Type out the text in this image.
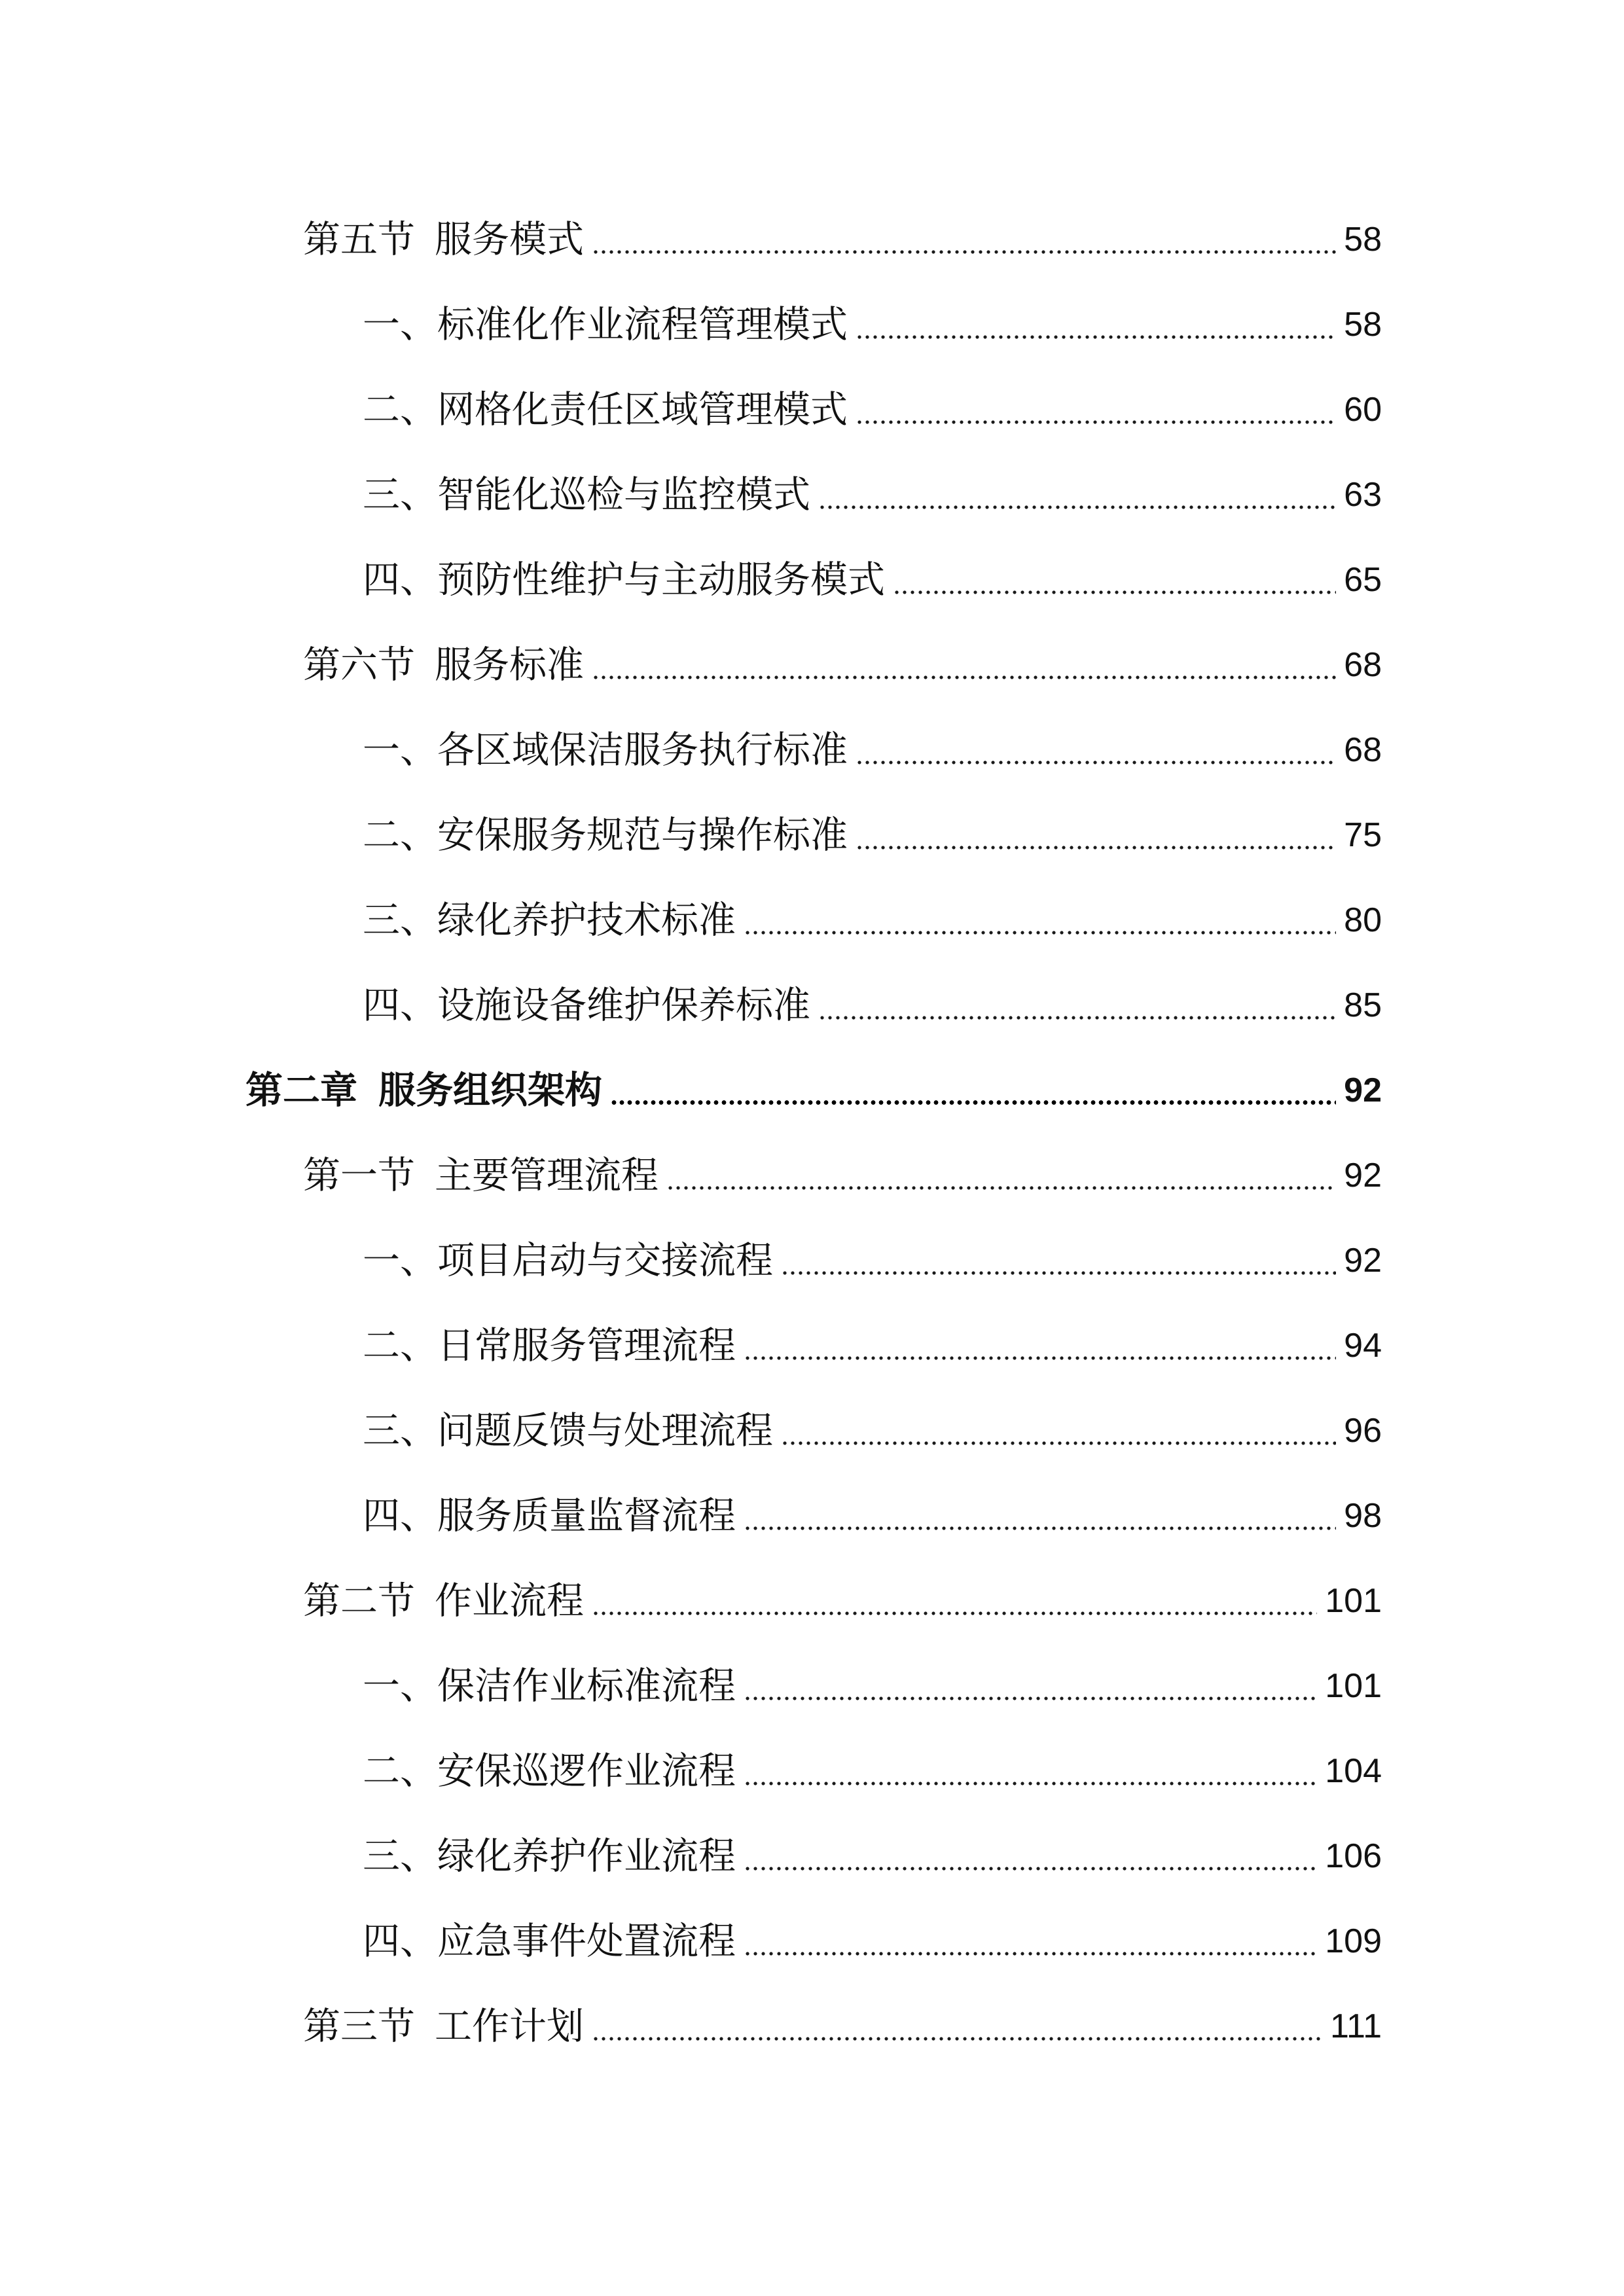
第五节 服务模式	58
一、标准化作业流程管理模式	58
二、网格化责任区域管理模式	60
三、智能化巡检与监控模式	63
四、预防性维护与主动服务模式	65
第六节 服务标准	68
一、各区域保洁服务执行标准	68
二、安保服务规范与操作标准	75
三、绿化养护技术标准	80
四、设施设备维护保养标准	85
第二章 服务组织架构	92
第一节 主要管理流程	92
一、项目启动与交接流程	92
二、日常服务管理流程	94
三、问题反馈与处理流程	96
四、服务质量监督流程	98
第二节 作业流程	101
一、保洁作业标准流程	101
二、安保巡逻作业流程	104
三、绿化养护作业流程	106
四、应急事件处置流程	109
第三节 工作计划	111
